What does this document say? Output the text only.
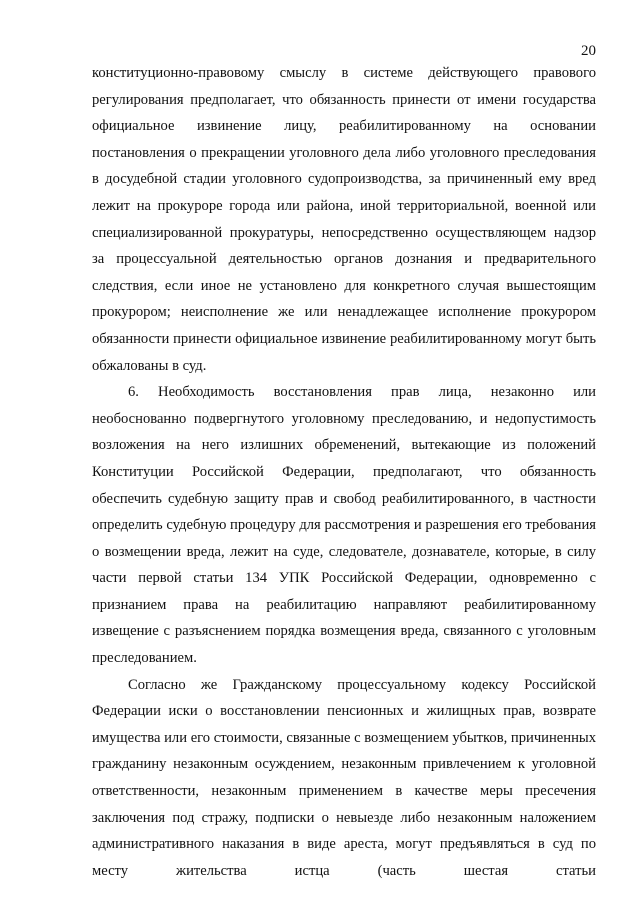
20

конституционно-правовому смыслу в системе действующего правового регулирования предполагает, что обязанность принести от имени государства официальное извинение лицу, реабилитированному на основании постановления о прекращении уголовного дела либо уголовного преследования в досудебной стадии уголовного судопроизводства, за причиненный ему вред лежит на прокуроре города или района, иной территориальной, военной или специализированной прокуратуры, непосредственно осуществляющем надзор за процессуальной деятельностью органов дознания и предварительного следствия, если иное не установлено для конкретного случая вышестоящим прокурором; неисполнение же или ненадлежащее исполнение прокурором обязанности принести официальное извинение реабилитированному могут быть обжалованы в суд.

6. Необходимость восстановления прав лица, незаконно или необоснованно подвергнутого уголовному преследованию, и недопустимость возложения на него излишних обременений, вытекающие из положений Конституции Российской Федерации, предполагают, что обязанность обеспечить судебную защиту прав и свобод реабилитированного, в частности определить судебную процедуру для рассмотрения и разрешения его требования о возмещении вреда, лежит на суде, следователе, дознавателе, которые, в силу части первой статьи 134 УПК Российской Федерации, одновременно с признанием права на реабилитацию направляют реабилитированному извещение с разъяснением порядка возмещения вреда, связанного с уголовным преследованием.

Согласно же Гражданскому процессуальному кодексу Российской Федерации иски о восстановлении пенсионных и жилищных прав, возврате имущества или его стоимости, связанные с возмещением убытков, причиненных гражданину незаконным осуждением, незаконным привлечением к уголовной ответственности, незаконным применением в качестве меры пресечения заключения под стражу, подписки о невыезде либо незаконным наложением административного наказания в виде ареста, могут предъявляться в суд по месту жительства истца (часть шестая статьи
